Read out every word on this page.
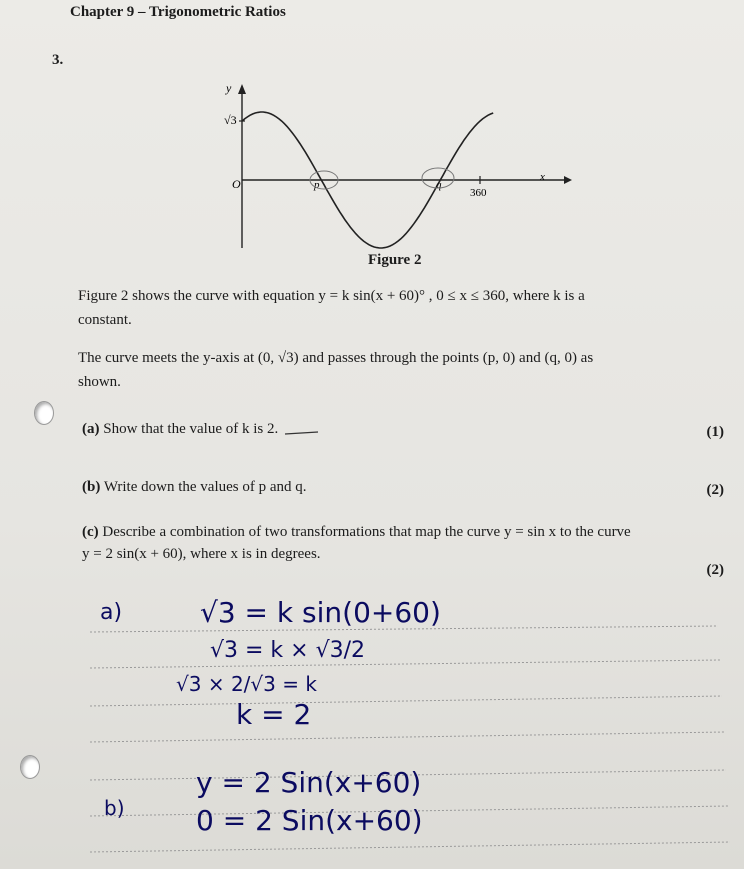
Chapter 9 – Trigonometric Ratios
3.
y
x
O
√3
360
p	q
Figure 2
Figure 2 shows the curve with equation y = k sin(x + 60)° , 0 ≤ x ≤ 360, where k is a
constant.
The curve meets the y-axis at (0, √3) and passes through the points (p, 0) and (q, 0) as
shown.
(a) Show that the value of k is 2.	(1)
(b) Write down the values of p and q.	(2)
(c) Describe a combination of two transformations that map the curve y = sin x to the curve
y = 2 sin(x + 60), where x is in degrees.
(2)
a)	√3 = k sin(0+60)
√3 = k × √3/2
√3 × 2/√3 = k
k = 2
b)
y = 2 Sin(x+60)
0 = 2 Sin(x+60)
